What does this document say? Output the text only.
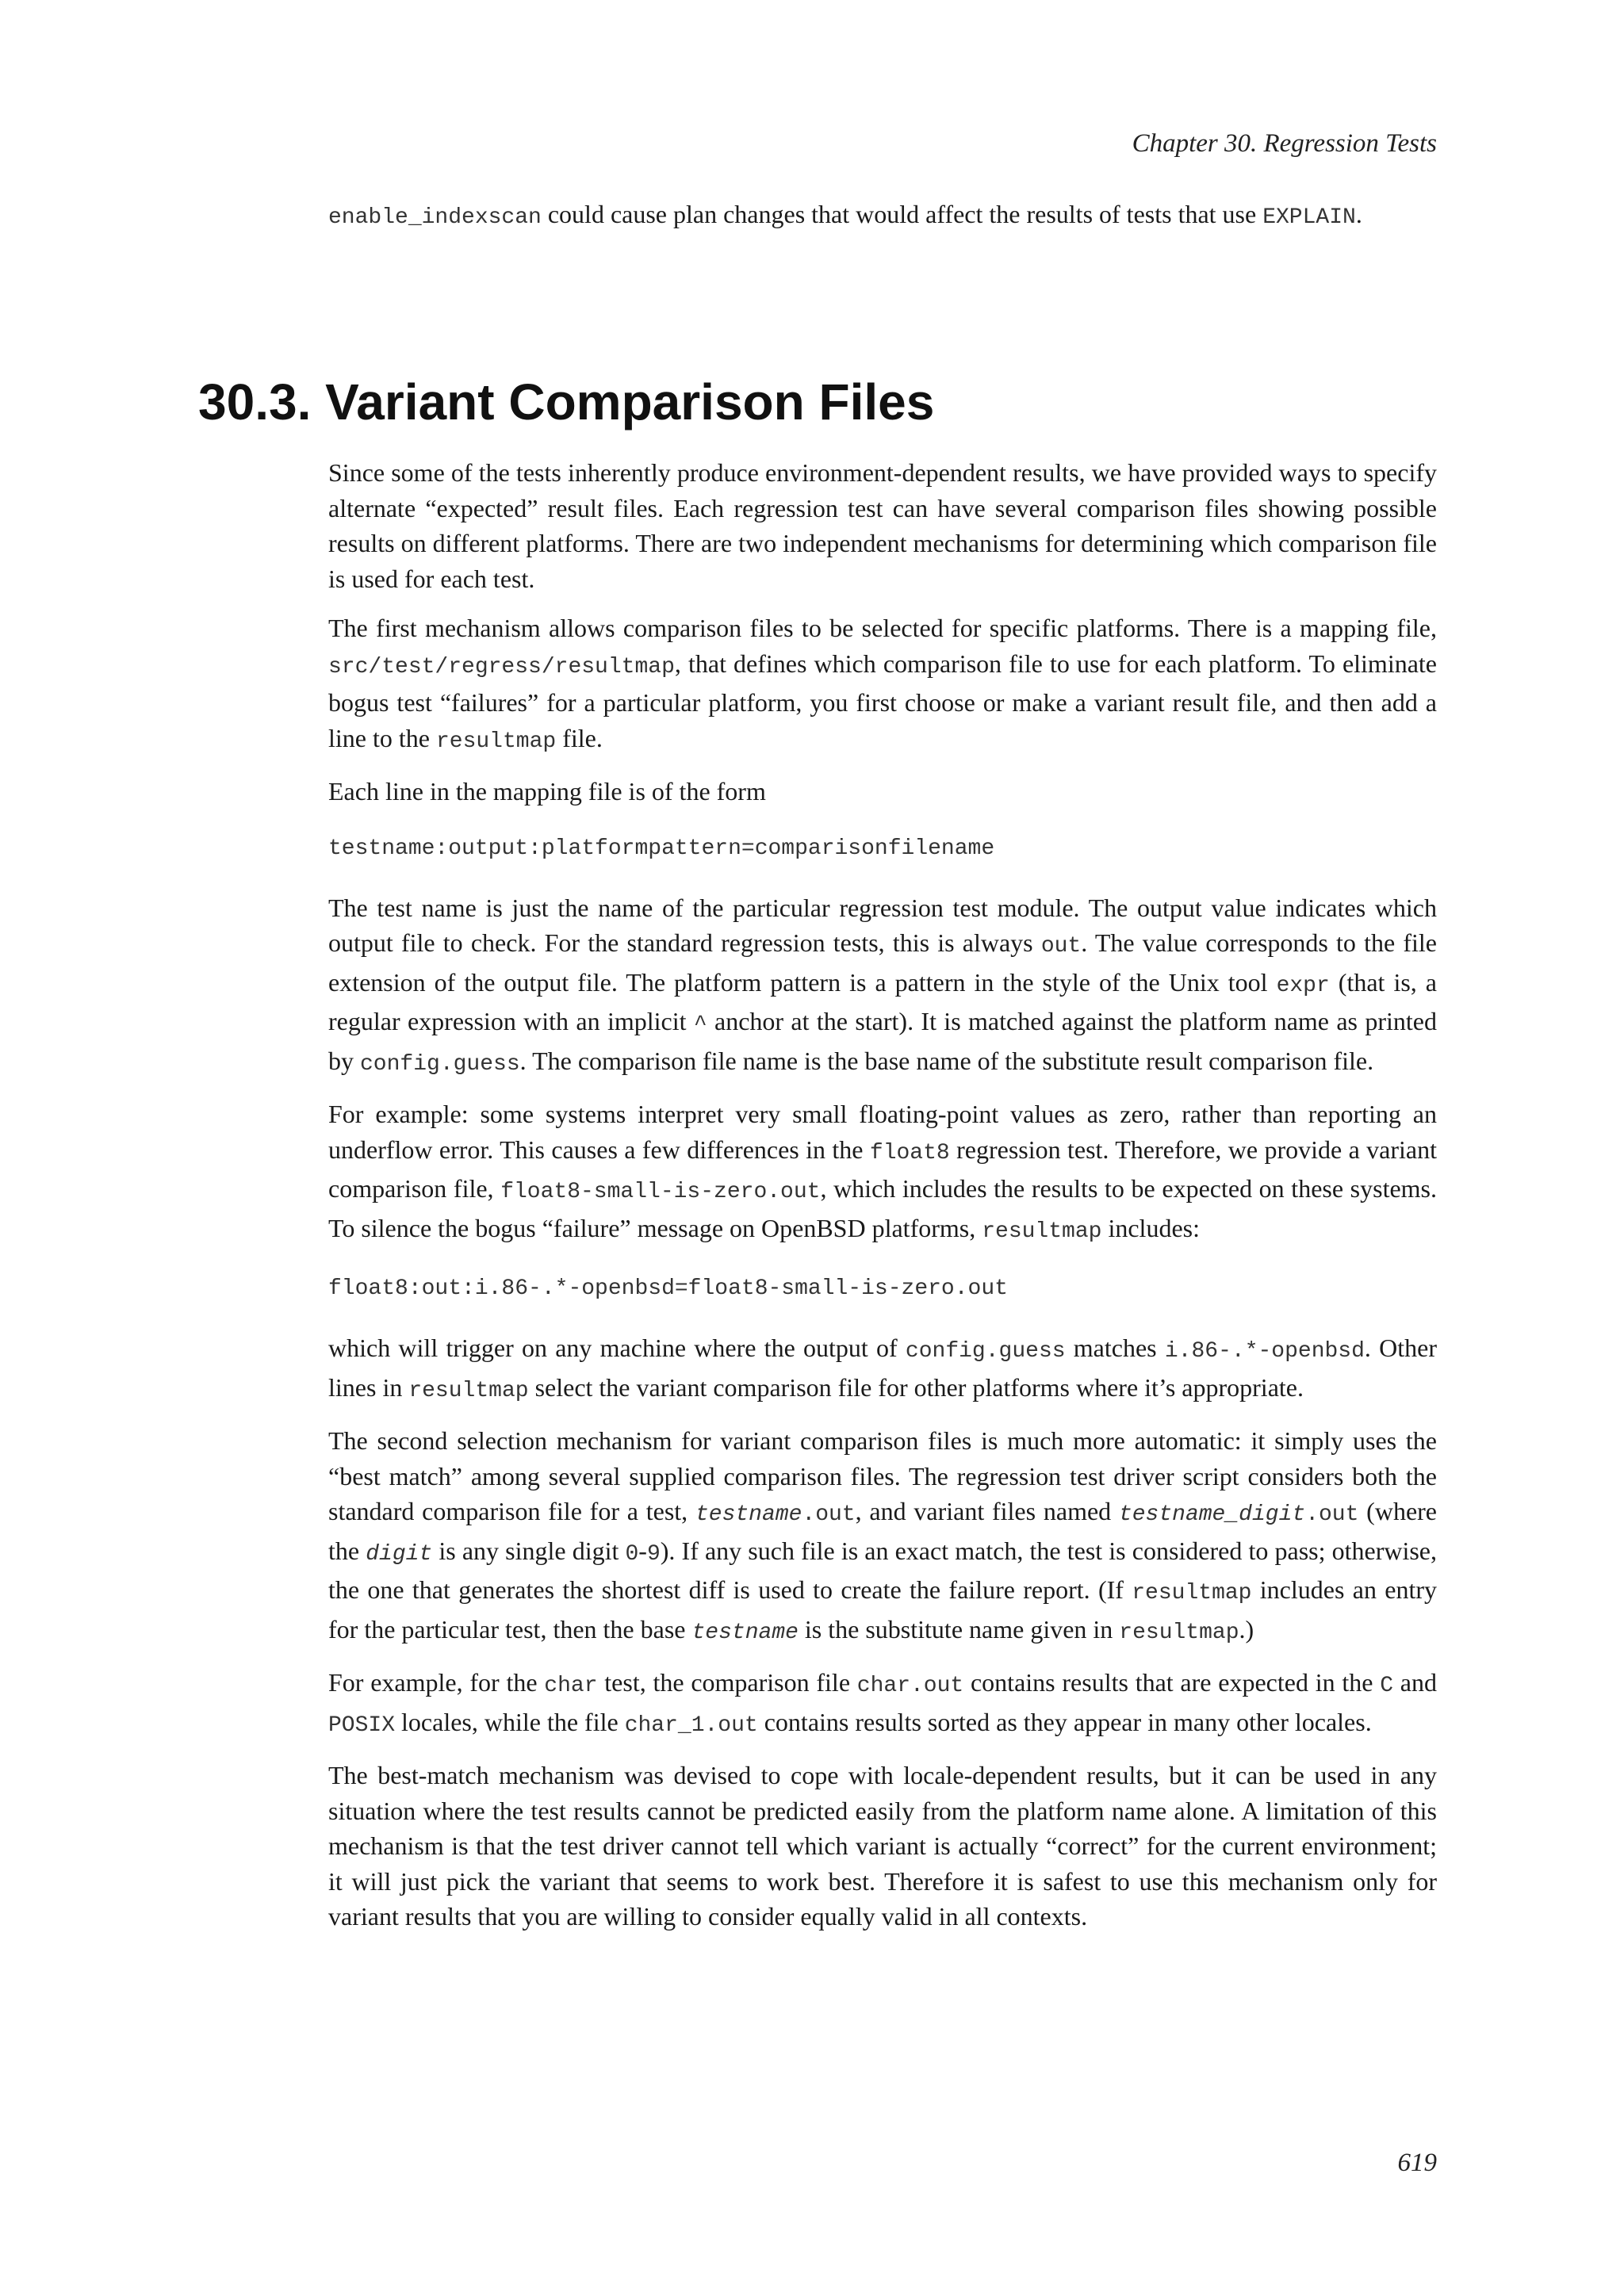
Chapter 30. Regression Tests

enable_indexscan could cause plan changes that would affect the results of tests that use EXPLAIN.

30.3. Variant Comparison Files

Since some of the tests inherently produce environment-dependent results, we have provided ways to specify alternate “expected” result files. Each regression test can have several comparison files showing possible results on different platforms. There are two independent mechanisms for determining which comparison file is used for each test.

The first mechanism allows comparison files to be selected for specific platforms. There is a mapping file, src/test/regress/resultmap, that defines which comparison file to use for each platform. To eliminate bogus test “failures” for a particular platform, you first choose or make a variant result file, and then add a line to the resultmap file.

Each line in the mapping file is of the form

testname:output:platformpattern=comparisonfilename

The test name is just the name of the particular regression test module. The output value indicates which output file to check. For the standard regression tests, this is always out. The value corresponds to the file extension of the output file. The platform pattern is a pattern in the style of the Unix tool expr (that is, a regular expression with an implicit ^ anchor at the start). It is matched against the platform name as printed by config.guess. The comparison file name is the base name of the substitute result comparison file.

For example: some systems interpret very small floating-point values as zero, rather than reporting an underflow error. This causes a few differences in the float8 regression test. Therefore, we provide a variant comparison file, float8-small-is-zero.out, which includes the results to be expected on these systems. To silence the bogus “failure” message on OpenBSD platforms, resultmap includes:

float8:out:i.86-.*-openbsd=float8-small-is-zero.out

which will trigger on any machine where the output of config.guess matches i.86-.*-openbsd. Other lines in resultmap select the variant comparison file for other platforms where it’s appropriate.

The second selection mechanism for variant comparison files is much more automatic: it simply uses the “best match” among several supplied comparison files. The regression test driver script considers both the standard comparison file for a test, testname.out, and variant files named testname_digit.out (where the digit is any single digit 0-9). If any such file is an exact match, the test is considered to pass; otherwise, the one that generates the shortest diff is used to create the failure report. (If resultmap includes an entry for the particular test, then the base testname is the substitute name given in resultmap.)

For example, for the char test, the comparison file char.out contains results that are expected in the C and POSIX locales, while the file char_1.out contains results sorted as they appear in many other locales.

The best-match mechanism was devised to cope with locale-dependent results, but it can be used in any situation where the test results cannot be predicted easily from the platform name alone. A limitation of this mechanism is that the test driver cannot tell which variant is actually “correct” for the current environment; it will just pick the variant that seems to work best. Therefore it is safest to use this mechanism only for variant results that you are willing to consider equally valid in all contexts.

619
